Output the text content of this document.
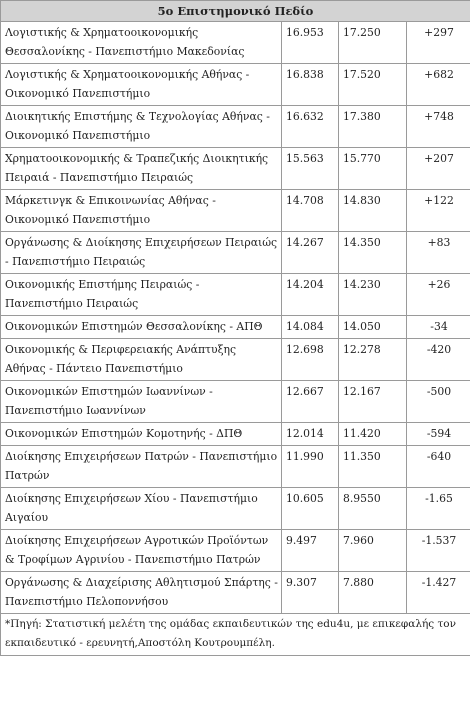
5ο Επιστημονικό Πεδίο			
Λογιστικής & Χρηματοοικονομικής Θεσσαλονίκης - Πανεπιστήμιο Μακεδονίας	16.953	17.250	+297
Λογιστικής & Χρηματοοικονομικής Αθήνας - Οικονομικό Πανεπιστήμιο	16.838	17.520	+682
Διοικητικής Επιστήμης & Τεχνολογίας Αθήνας - Οικονομικό Πανεπιστήμιο	16.632	17.380	+748
Χρηματοοικονομικής & Τραπεζικής Διοικητικής Πειραιά - Πανεπιστήμιο Πειραιώς	15.563	15.770	+207
Μάρκετινγκ & Επικοινωνίας Αθήνας - Οικονομικό Πανεπιστήμιο	14.708	14.830	+122
Οργάνωσης & Διοίκησης Επιχειρήσεων Πειραιώς - Πανεπιστήμιο Πειραιώς	14.267	14.350	+83
Οικονομικής Επιστήμης Πειραιώς - Πανεπιστήμιο Πειραιώς	14.204	14.230	+26
Οικονομικών Επιστημών Θεσσαλονίκης - ΑΠΘ	14.084	14.050	-34
Οικονομικής & Περιφερειακής Ανάπτυξης Αθήνας - Πάντειο Πανεπιστήμιο	12.698	12.278	-420
Οικονομικών Επιστημών Ιωαννίνων - Πανεπιστήμιο Ιωαννίνων	12.667	12.167	-500
Οικονομικών Επιστημών Κομοτηνής - ΔΠΘ	12.014	11.420	-594
Διοίκησης Επιχειρήσεων Πατρών - Πανεπιστήμιο Πατρών	11.990	11.350	-640
Διοίκησης Επιχειρήσεων Χίου - Πανεπιστήμιο Αιγαίου	10.605	8.9550	-1.65
Διοίκησης Επιχειρήσεων Αγροτικών Προϊόντων & Τροφίμων Αγρινίου - Πανεπιστήμιο Πατρών	9.497	7.960	-1.537
Οργάνωσης & Διαχείρισης Αθλητισμού Σπάρτης - Πανεπιστήμιο Πελοποννήσου	9.307	7.880	-1.427
*Πηγή: Στατιστική μελέτη της ομάδας εκπαιδευτικών της edu4u, με επικεφαλής τον εκπαιδευτικό - ερευνητή,Αποστόλη Κουτρουμπέλη.			
